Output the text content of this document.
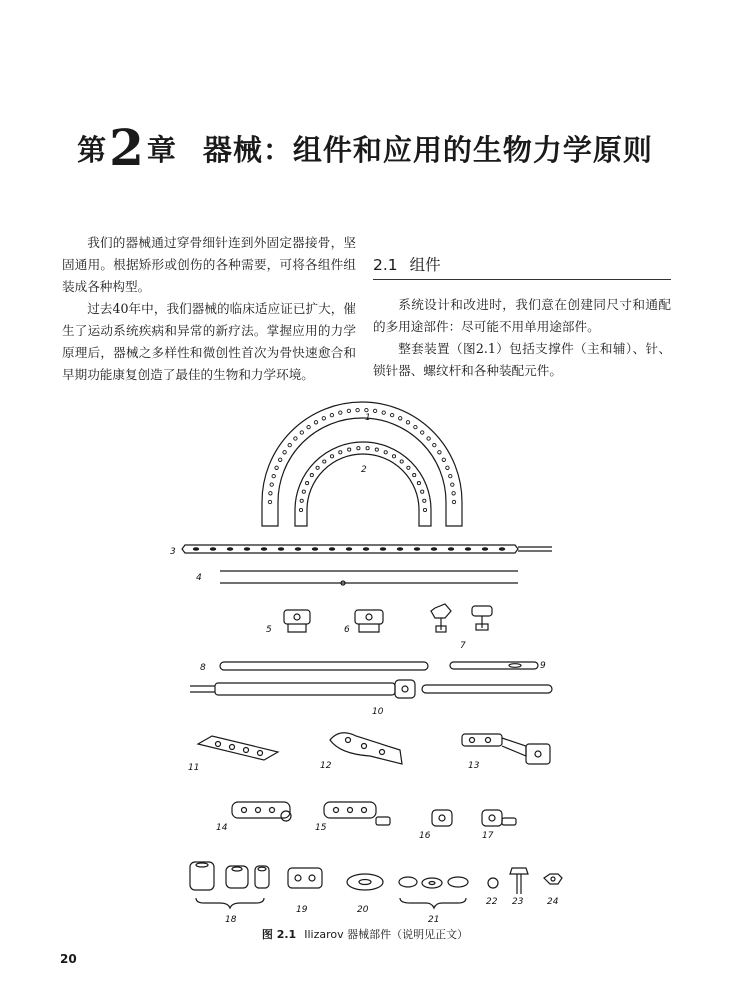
第2章 器械：组件和应用的生物力学原则

我们的器械通过穿骨细针连到外固定器接骨，坚固通用。根据矫形或创伤的各种需要，可将各组件组装成各种构型。

过去40年中，我们器械的临床适应证已扩大，催生了运动系统疾病和异常的新疗法。掌握应用的力学原理后，器械之多样性和微创性首次为骨快速愈合和早期功能康复创造了最佳的生物和力学环境。

2.1 组件

系统设计和改进时，我们意在创建同尺寸和通配的多用途部件：尽可能不用单用途部件。

整套装置（图2.1）包括支撑件（主和辅）、针、锁针器、螺纹杆和各种装配元件。

1
2
3
4
5	6
7
8	9
10
11	12	13
14	15
16	17
18
19	20
21
22 23	24
图 2.1 Ilizarov 器械部件（说明见正文）
20
